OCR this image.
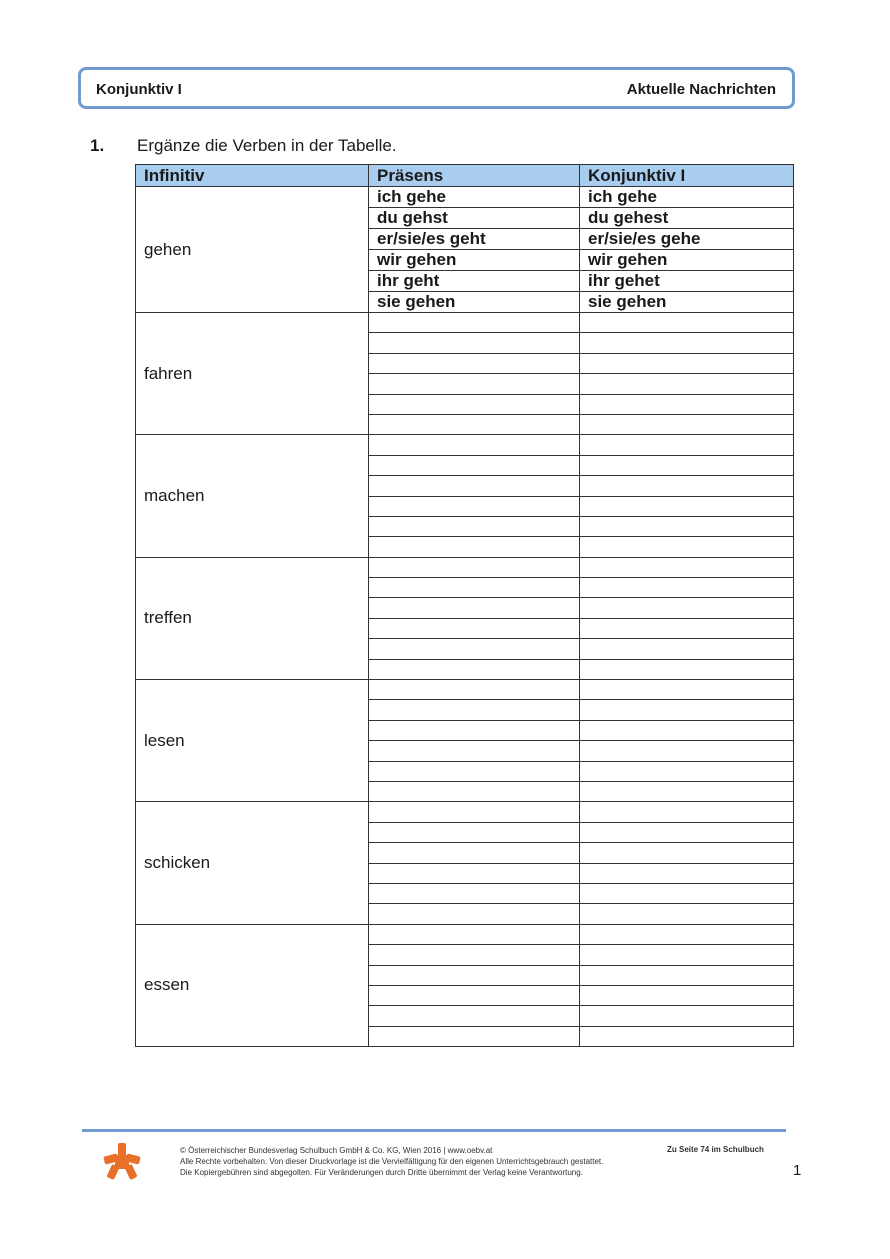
Konjunktiv I	Aktuelle Nachrichten
1. Ergänze die Verben in der Tabelle.
Infinitiv	Präsens	Konjunktiv I
gehen	ich gehe	ich gehe
	du gehst	du gehest
	er/sie/es geht	er/sie/es gehe
	wir gehen	wir gehen
	ihr geht	ihr gehet
	sie gehen	sie gehen
fahren		

machen		

treffen		

lesen		

schicken		

essen		

© Österreichischer Bundesverlag Schulbuch GmbH & Co. KG, Wien 2016 | www.oebv.at
Alle Rechte vorbehalten. Von dieser Druckvorlage ist die Vervielfältigung für den eigenen Unterrichtsgebrauch gestattet.
Die Kopiergebühren sind abgegolten. Für Veränderungen durch Dritte übernimmt der Verlag keine Verantwortung.
Zu Seite 74 im Schulbuch
1
